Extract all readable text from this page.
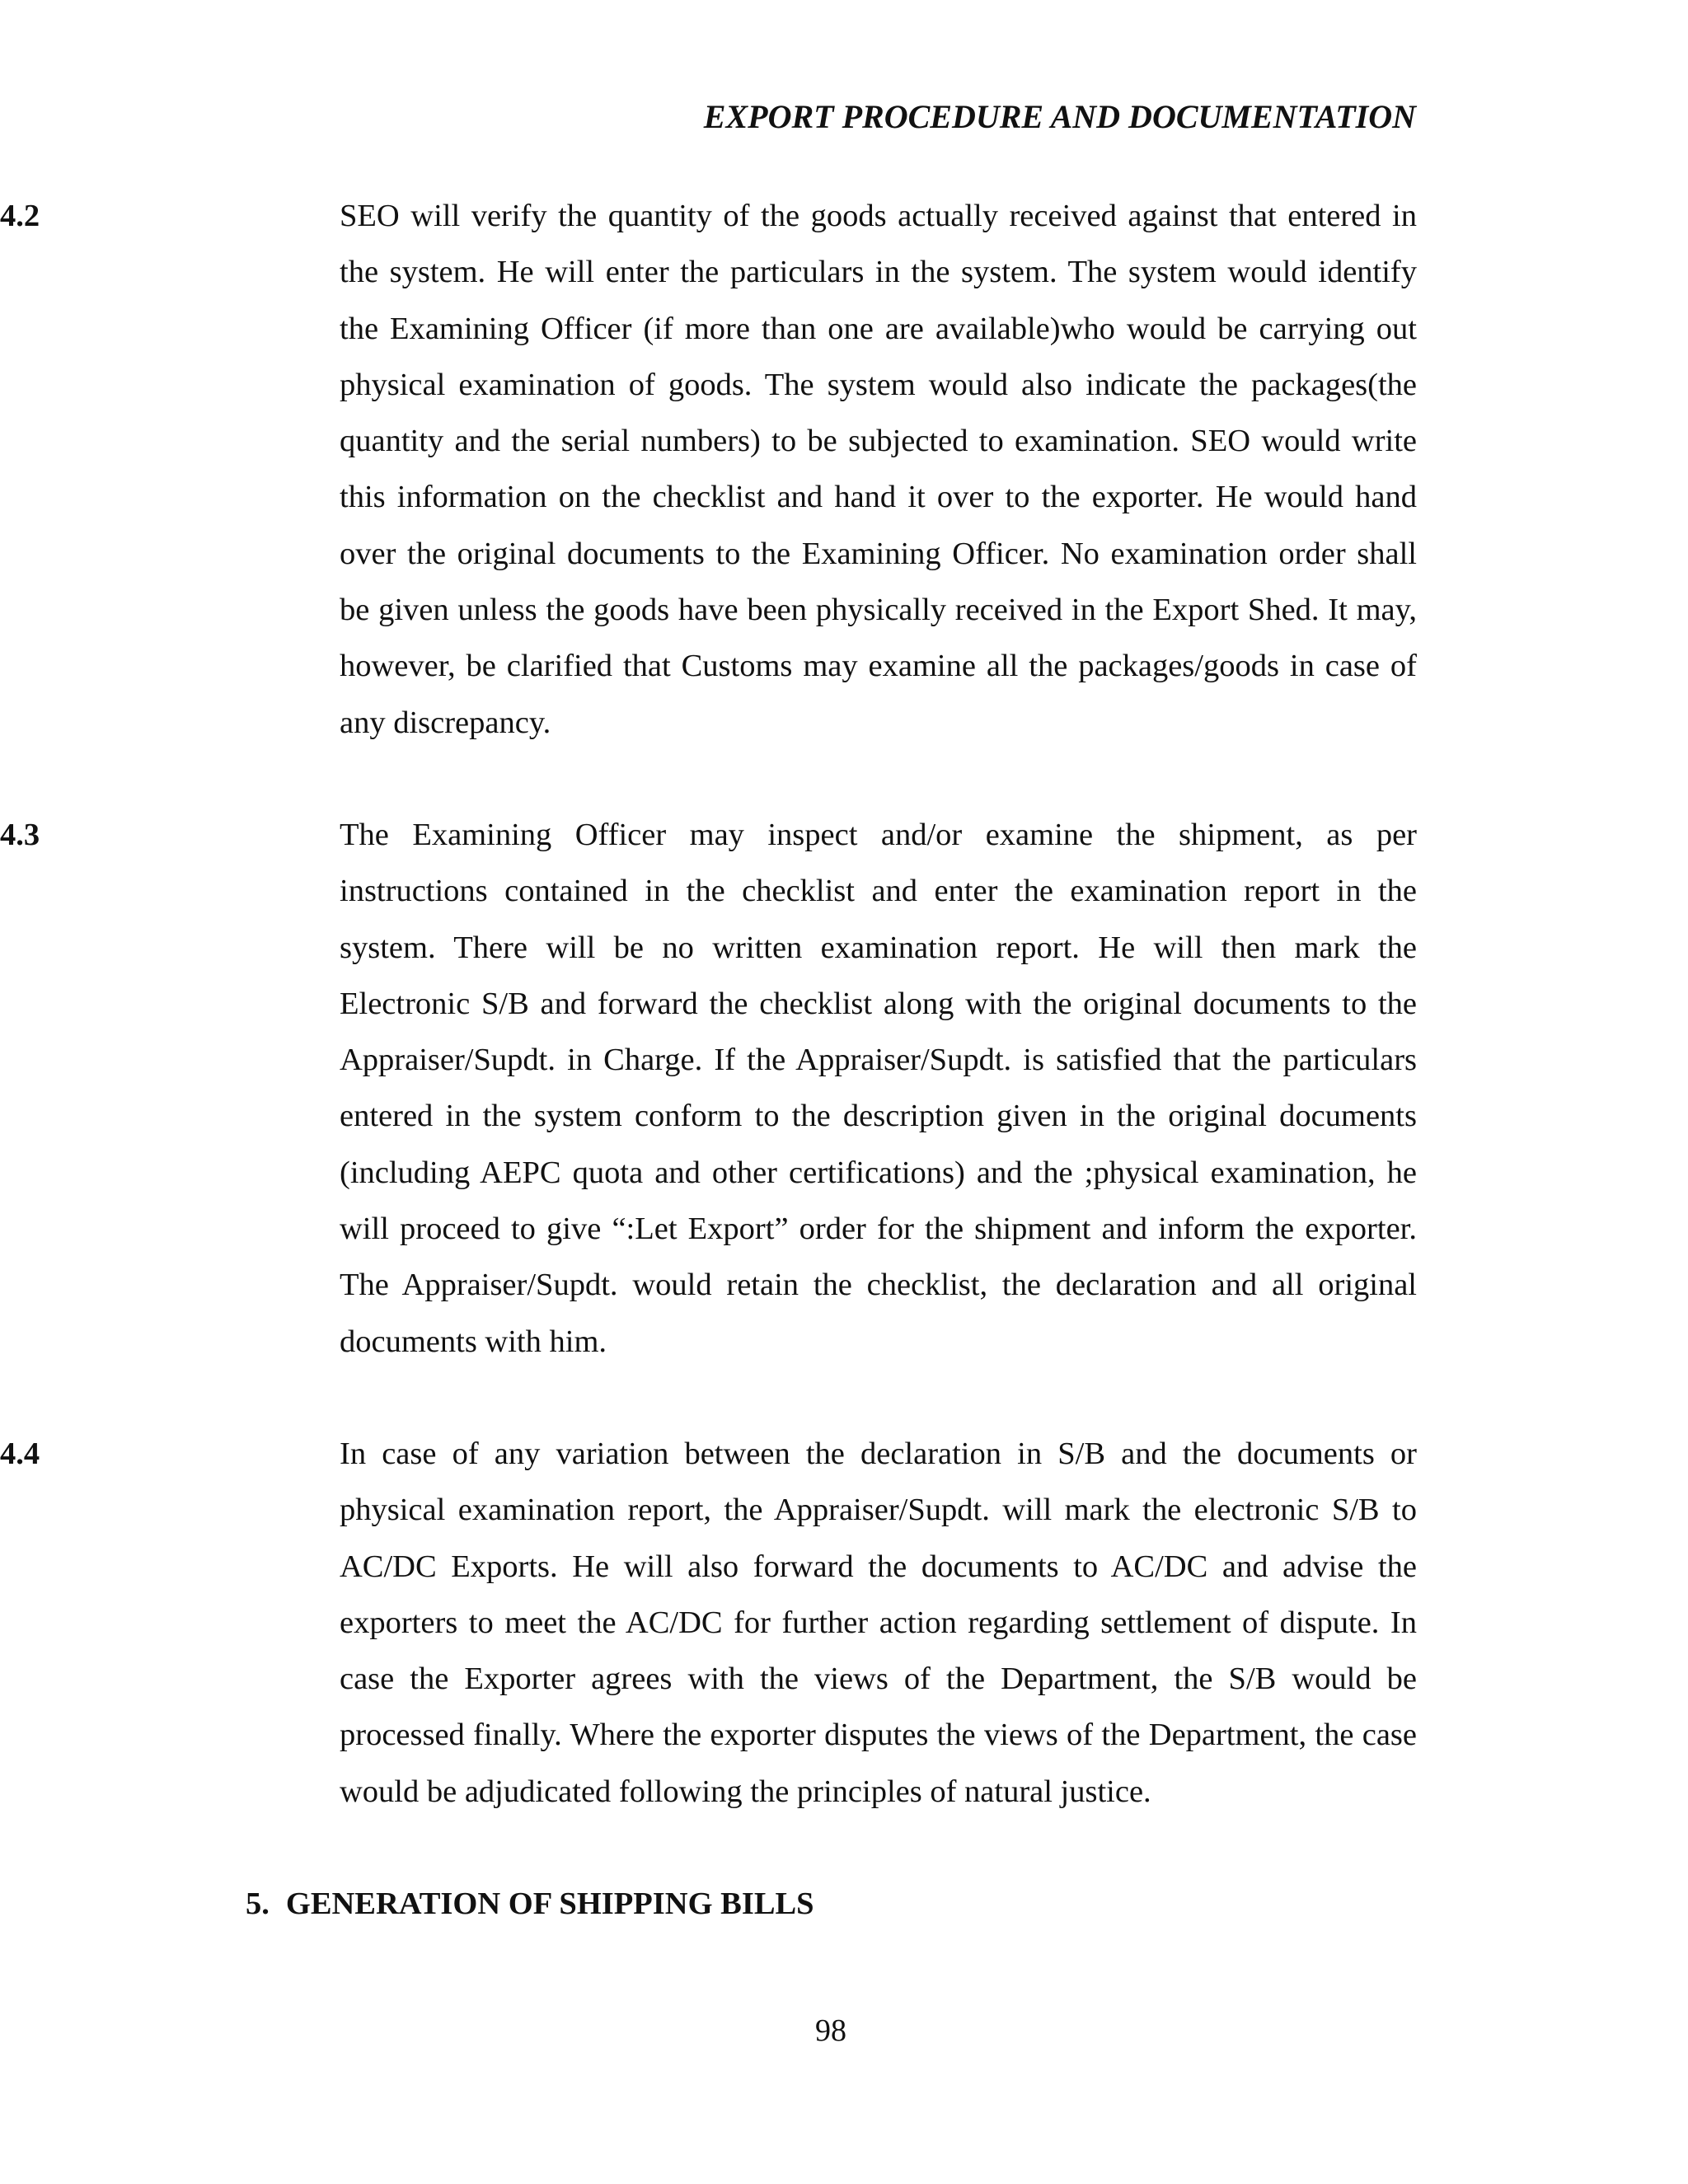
EXPORT PROCEDURE AND DOCUMENTATION
4.2	SEO will verify the quantity of the goods actually received against that entered in the system. He will enter the particulars in the system. The system would identify the Examining Officer (if more than one are available)who would be carrying out physical examination of goods. The system would also indicate the packages(the quantity and the serial numbers) to be subjected to examination. SEO would write this information on the checklist and hand it over to the exporter. He would hand over the original documents to the Examining Officer. No examination order shall be given unless the goods have been physically received in the Export Shed. It may, however, be clarified that Customs may examine all the packages/goods in case of any discrepancy.
4.3	The Examining Officer may inspect and/or examine the shipment, as per instructions contained in the checklist and enter the examination report in the system. There will be no written examination report. He will then mark the Electronic S/B and forward the checklist along with the original documents to the Appraiser/Supdt. in Charge. If the Appraiser/Supdt. is satisfied that the particulars entered in the system conform to the description given in the original documents (including AEPC quota and other certifications) and the ;physical examination, he will proceed to give “:Let Export” order for the shipment and inform the exporter. The Appraiser/Supdt. would retain the checklist, the declaration and all original documents with him.
4.4	In case of any variation between the declaration in S/B and the documents or physical examination report, the Appraiser/Supdt. will mark the electronic S/B to AC/DC Exports. He will also forward the documents to AC/DC and advise the exporters to meet the AC/DC for further action regarding settlement of dispute. In case the Exporter agrees with the views of the Department, the S/B would be processed finally. Where the exporter disputes the views of the Department, the case would be adjudicated following the principles of natural justice.
5. GENERATION OF SHIPPING BILLS
98
